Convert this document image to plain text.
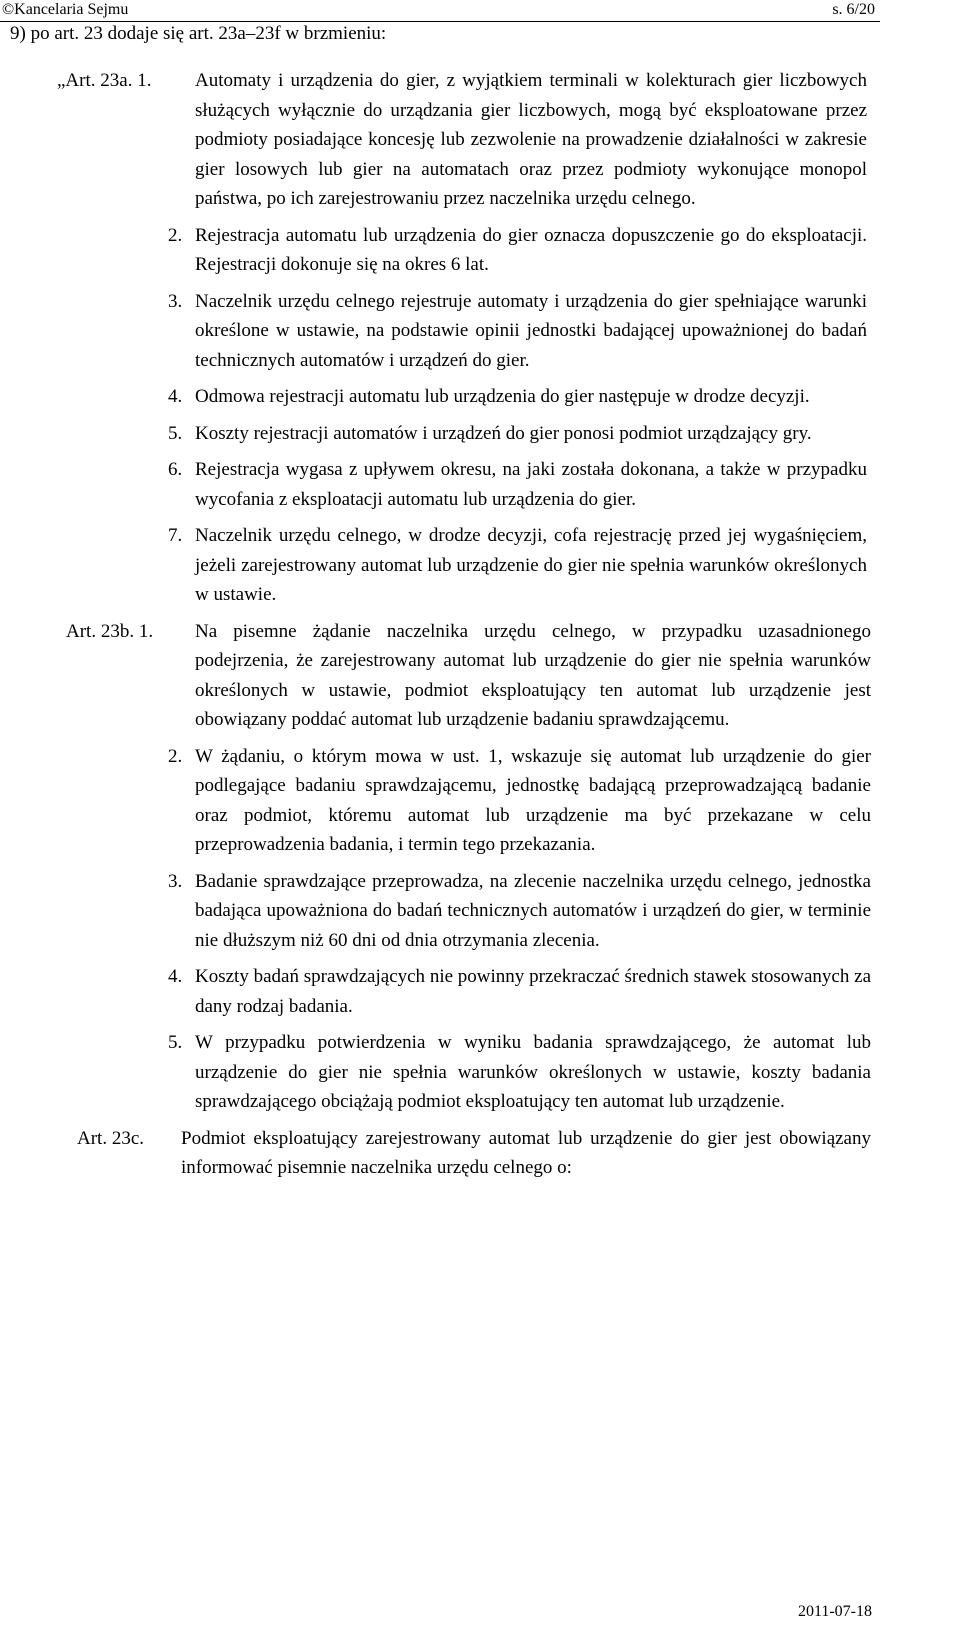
©Kancelaria Sejmu	s. 6/20
9) po art. 23 dodaje się art. 23a–23f w brzmieniu:
„Art. 23a. 1. Automaty i urządzenia do gier, z wyjątkiem terminali w kolekturach gier liczbowych służących wyłącznie do urządzania gier liczbowych, mogą być eksploatowane przez podmioty posiadające koncesję lub zezwolenie na prowadzenie działalności w zakresie gier losowych lub gier na automatach oraz przez podmioty wykonujące monopol państwa, po ich zarejestrowaniu przez naczelnika urzędu celnego.
2. Rejestracja automatu lub urządzenia do gier oznacza dopuszczenie go do eksploatacji. Rejestracji dokonuje się na okres 6 lat.
3. Naczelnik urzędu celnego rejestruje automaty i urządzenia do gier spełniające warunki określone w ustawie, na podstawie opinii jednostki badającej upoważnionej do badań technicznych automatów i urządzeń do gier.
4. Odmowa rejestracji automatu lub urządzenia do gier następuje w drodze decyzji.
5. Koszty rejestracji automatów i urządzeń do gier ponosi podmiot urządzający gry.
6. Rejestracja wygasa z upływem okresu, na jaki została dokonana, a także w przypadku wycofania z eksploatacji automatu lub urządzenia do gier.
7. Naczelnik urzędu celnego, w drodze decyzji, cofa rejestrację przed jej wygaśnięciem, jeżeli zarejestrowany automat lub urządzenie do gier nie spełnia warunków określonych w ustawie.
Art. 23b. 1. Na pisemne żądanie naczelnika urzędu celnego, w przypadku uzasadnionego podejrzenia, że zarejestrowany automat lub urządzenie do gier nie spełnia warunków określonych w ustawie, podmiot eksploatujący ten automat lub urządzenie jest obowiązany poddać automat lub urządzenie badaniu sprawdzającemu.
2. W żądaniu, o którym mowa w ust. 1, wskazuje się automat lub urządzenie do gier podlegające badaniu sprawdzającemu, jednostkę badającą przeprowadzającą badanie oraz podmiot, któremu automat lub urządzenie ma być przekazane w celu przeprowadzenia badania, i termin tego przekazania.
3. Badanie sprawdzające przeprowadza, na zlecenie naczelnika urzędu celnego, jednostka badająca upoważniona do badań technicznych automatów i urządzeń do gier, w terminie nie dłuższym niż 60 dni od dnia otrzymania zlecenia.
4. Koszty badań sprawdzających nie powinny przekraczać średnich stawek stosowanych za dany rodzaj badania.
5. W przypadku potwierdzenia w wyniku badania sprawdzającego, że automat lub urządzenie do gier nie spełnia warunków określonych w ustawie, koszty badania sprawdzającego obciążają podmiot eksploatujący ten automat lub urządzenie.
Art. 23c. Podmiot eksploatujący zarejestrowany automat lub urządzenie do gier jest obowiązany informować pisemnie naczelnika urzędu celnego o:
2011-07-18
